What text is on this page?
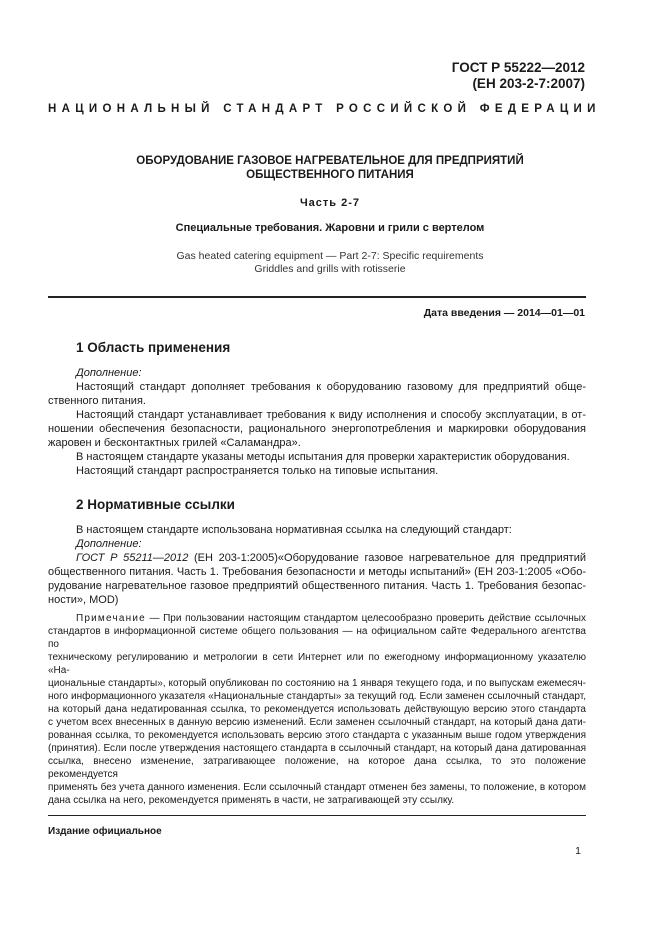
ГОСТ Р 55222—2012
(ЕН 203-2-7:2007)
НАЦИОНАЛЬНЫЙ СТАНДАРТ РОССИЙСКОЙ ФЕДЕРАЦИИ
ОБОРУДОВАНИЕ ГАЗОВОЕ НАГРЕВАТЕЛЬНОЕ ДЛЯ ПРЕДПРИЯТИЙ
ОБЩЕСТВЕННОГО ПИТАНИЯ
Часть 2-7
Специальные требования. Жаровни и грили с вертелом
Gas heated catering equipment — Part 2-7: Specific requirements
Griddles and grills with rotisserie
Дата введения — 2014—01—01
1 Область применения
Дополнение:
Настоящий стандарт дополняет требования к оборудованию газовому для предприятий обще-
ственного питания.
Настоящий стандарт устанавливает требования к виду исполнения и способу эксплуатации, в от-
ношении обеспечения безопасности, рационального энергопотребления и маркировки оборудования
жаровен и бесконтактных грилей «Саламандра».
В настоящем стандарте указаны методы испытания для проверки характеристик оборудования.
Настоящий стандарт распространяется только на типовые испытания.
2 Нормативные ссылки
В настоящем стандарте использована нормативная ссылка на следующий стандарт:
Дополнение:
ГОСТ Р 55211—2012 (ЕН 203-1:2005)«Оборудование газовое нагревательное для предприятий
общественного питания. Часть 1. Требования безопасности и методы испытаний» (ЕН 203-1:2005 «Обо-
рудование нагревательное газовое предприятий общественного питания. Часть 1. Требования безопас-
ности», MOD)
Примечание — При пользовании настоящим стандартом целесообразно проверить действие ссылочных
стандартов в информационной системе общего пользования — на официальном сайте Федерального агентства по
техническому регулированию и метрологии в сети Интернет или по ежегодному информационному указателю «На-
циональные стандарты», который опубликован по состоянию на 1 января текущего года, и по выпускам ежемесяч-
ного информационного указателя «Национальные стандарты» за текущий год. Если заменен ссылочный стандарт,
на который дана недатированная ссылка, то рекомендуется использовать действующую версию этого стандарта
с учетом всех внесенных в данную версию изменений. Если заменен ссылочный стандарт, на который дана дати-
рованная ссылка, то рекомендуется использовать версию этого стандарта с указанным выше годом утверждения
(принятия). Если после утверждения настоящего стандарта в ссылочный стандарт, на который дана датированная
ссылка, внесено изменение, затрагивающее положение, на которое дана ссылка, то это положение рекомендуется
применять без учета данного изменения. Если ссылочный стандарт отменен без замены, то положение, в котором
дана ссылка на него, рекомендуется применять в части, не затрагивающей эту ссылку.
Издание официальное
1
